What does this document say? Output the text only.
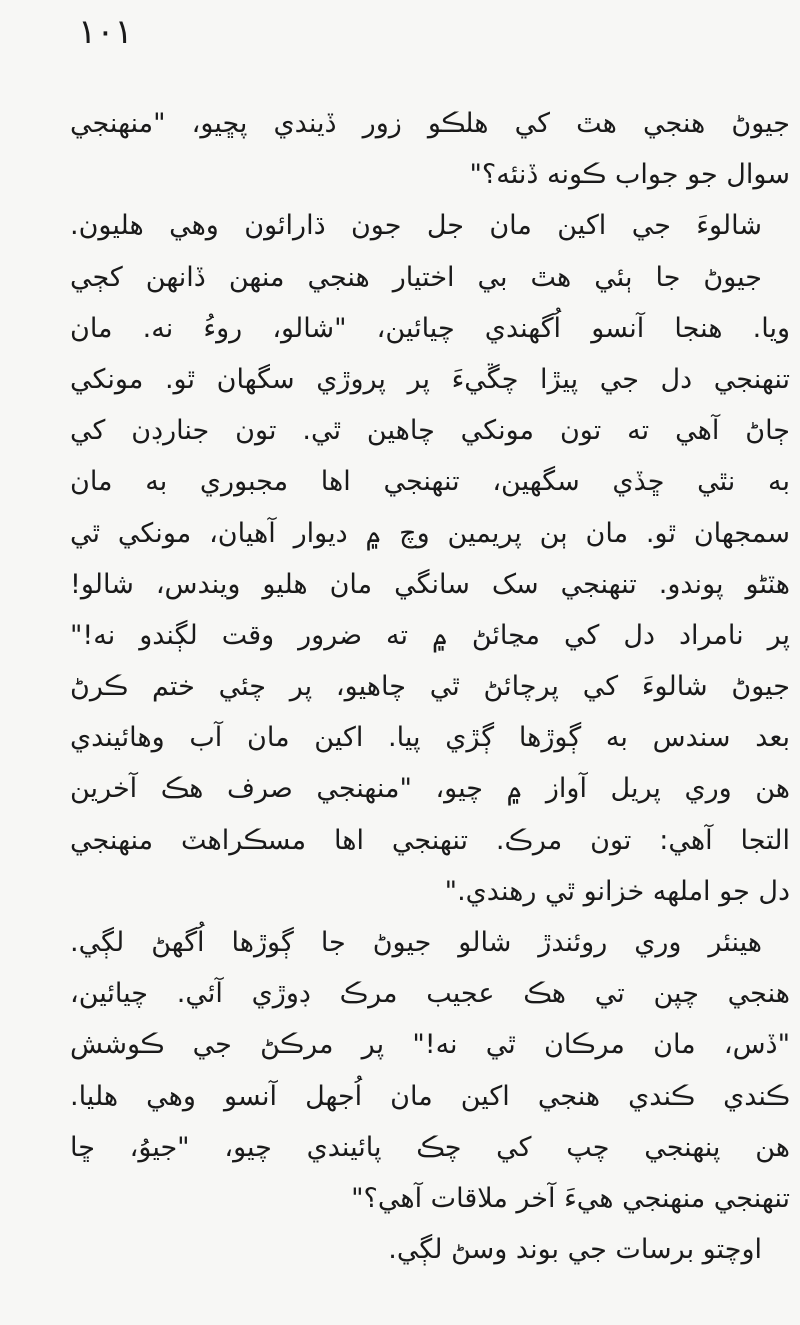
١٠١
جيوڻ هنجي هٿ کي هلڪو زور ڏيندي پڇيو، "منهنجي
سوال جو جواب ڪونه ڏنئه؟"
شالوءَ جي اکين مان جل جون ڌارائون وهي هليون.
جيوڻ جا ٻئي هٿ بي اختيار هنجي منهن ڏانهن کڄي
ويا. هنجا آنسو اُگهندي چيائين، "شالو، روءُ نه. مان
تنهنجي دل جي پيڙا چڱيءَ پر پروڙي سگهان ٿو. مونکي
ڄاڻ آهي ته تون مونکي چاهين ٿي. تون جنارڊن کي
به نٿي ڇڏي سگهين، تنهنجي اها مجبوري به مان
سمجهان ٿو. مان ٻن پريمين وچ ۾ ديوار آهيان، مونکي ٿي
هٽڻو پوندو. تنهنجي سک سانگي مان هليو ويندس، شالو!
پر نامراد دل کي مڃائڻ ۾ ته ضرور وقت لڳندو نه!"
جيوڻ شالوءَ کي پرچائڻ ٿي چاهيو، پر چئي ختم ڪرڻ
بعد سندس به ڳوڙها ڳڙي پيا. اکين مان آب وهائيندي
هن وري پريل آواز ۾ چيو، "منهنجي صرف هڪ آخرين
التجا آهي: تون مرڪ. تنهنجي اها مسڪراهٽ منهنجي
دل جو املهه خزانو ٿي رهندي."
هينئر وري روئندڙ شالو جيوڻ جا ڳوڙها اُگهڻ لڳي.
هنجي چپن تي هڪ عجيب مرڪ ڊوڙي آئي. چيائين،
"ڏس، مان مرڪان ٿي نه!" پر مرڪڻ جي ڪوشش
ڪندي ڪندي هنجي اکين مان اُجهل آنسو وهي هليا.
هن پنهنجي چپ کي چڪ پائيندي چيو، "جيوُ، ڇا
تنهنجي منهنجي هيءَ آخر ملاقات آهي؟"
اوچتو برسات جي بوند وسڻ لڳي.
